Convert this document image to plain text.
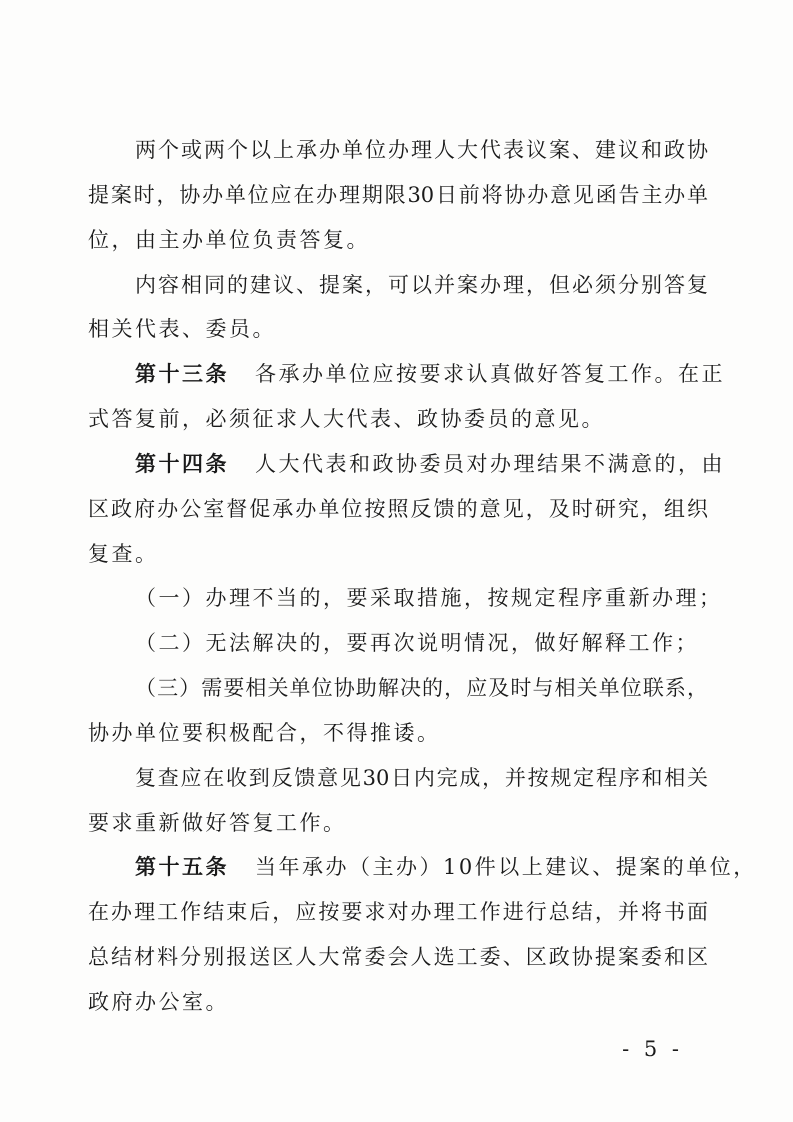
两个或两个以上承办单位办理人大代表议案、建议和政协
提案时，协办单位应在办理期限30日前将协办意见函告主办单
位，由主办单位负责答复。
内容相同的建议、提案，可以并案办理，但必须分别答复
相关代表、委员。
第十三条 各承办单位应按要求认真做好答复工作。在正
式答复前，必须征求人大代表、政协委员的意见。
第十四条 人大代表和政协委员对办理结果不满意的，由
区政府办公室督促承办单位按照反馈的意见，及时研究，组织
复查。
（一）办理不当的，要采取措施，按规定程序重新办理；
（二）无法解决的，要再次说明情况，做好解释工作；
（三）需要相关单位协助解决的，应及时与相关单位联系，
协办单位要积极配合，不得推诿。
复查应在收到反馈意见30日内完成，并按规定程序和相关
要求重新做好答复工作。
第十五条 当年承办（主办）10件以上建议、提案的单位，
在办理工作结束后，应按要求对办理工作进行总结，并将书面
总结材料分别报送区人大常委会人选工委、区政协提案委和区
政府办公室。
- 5 -
